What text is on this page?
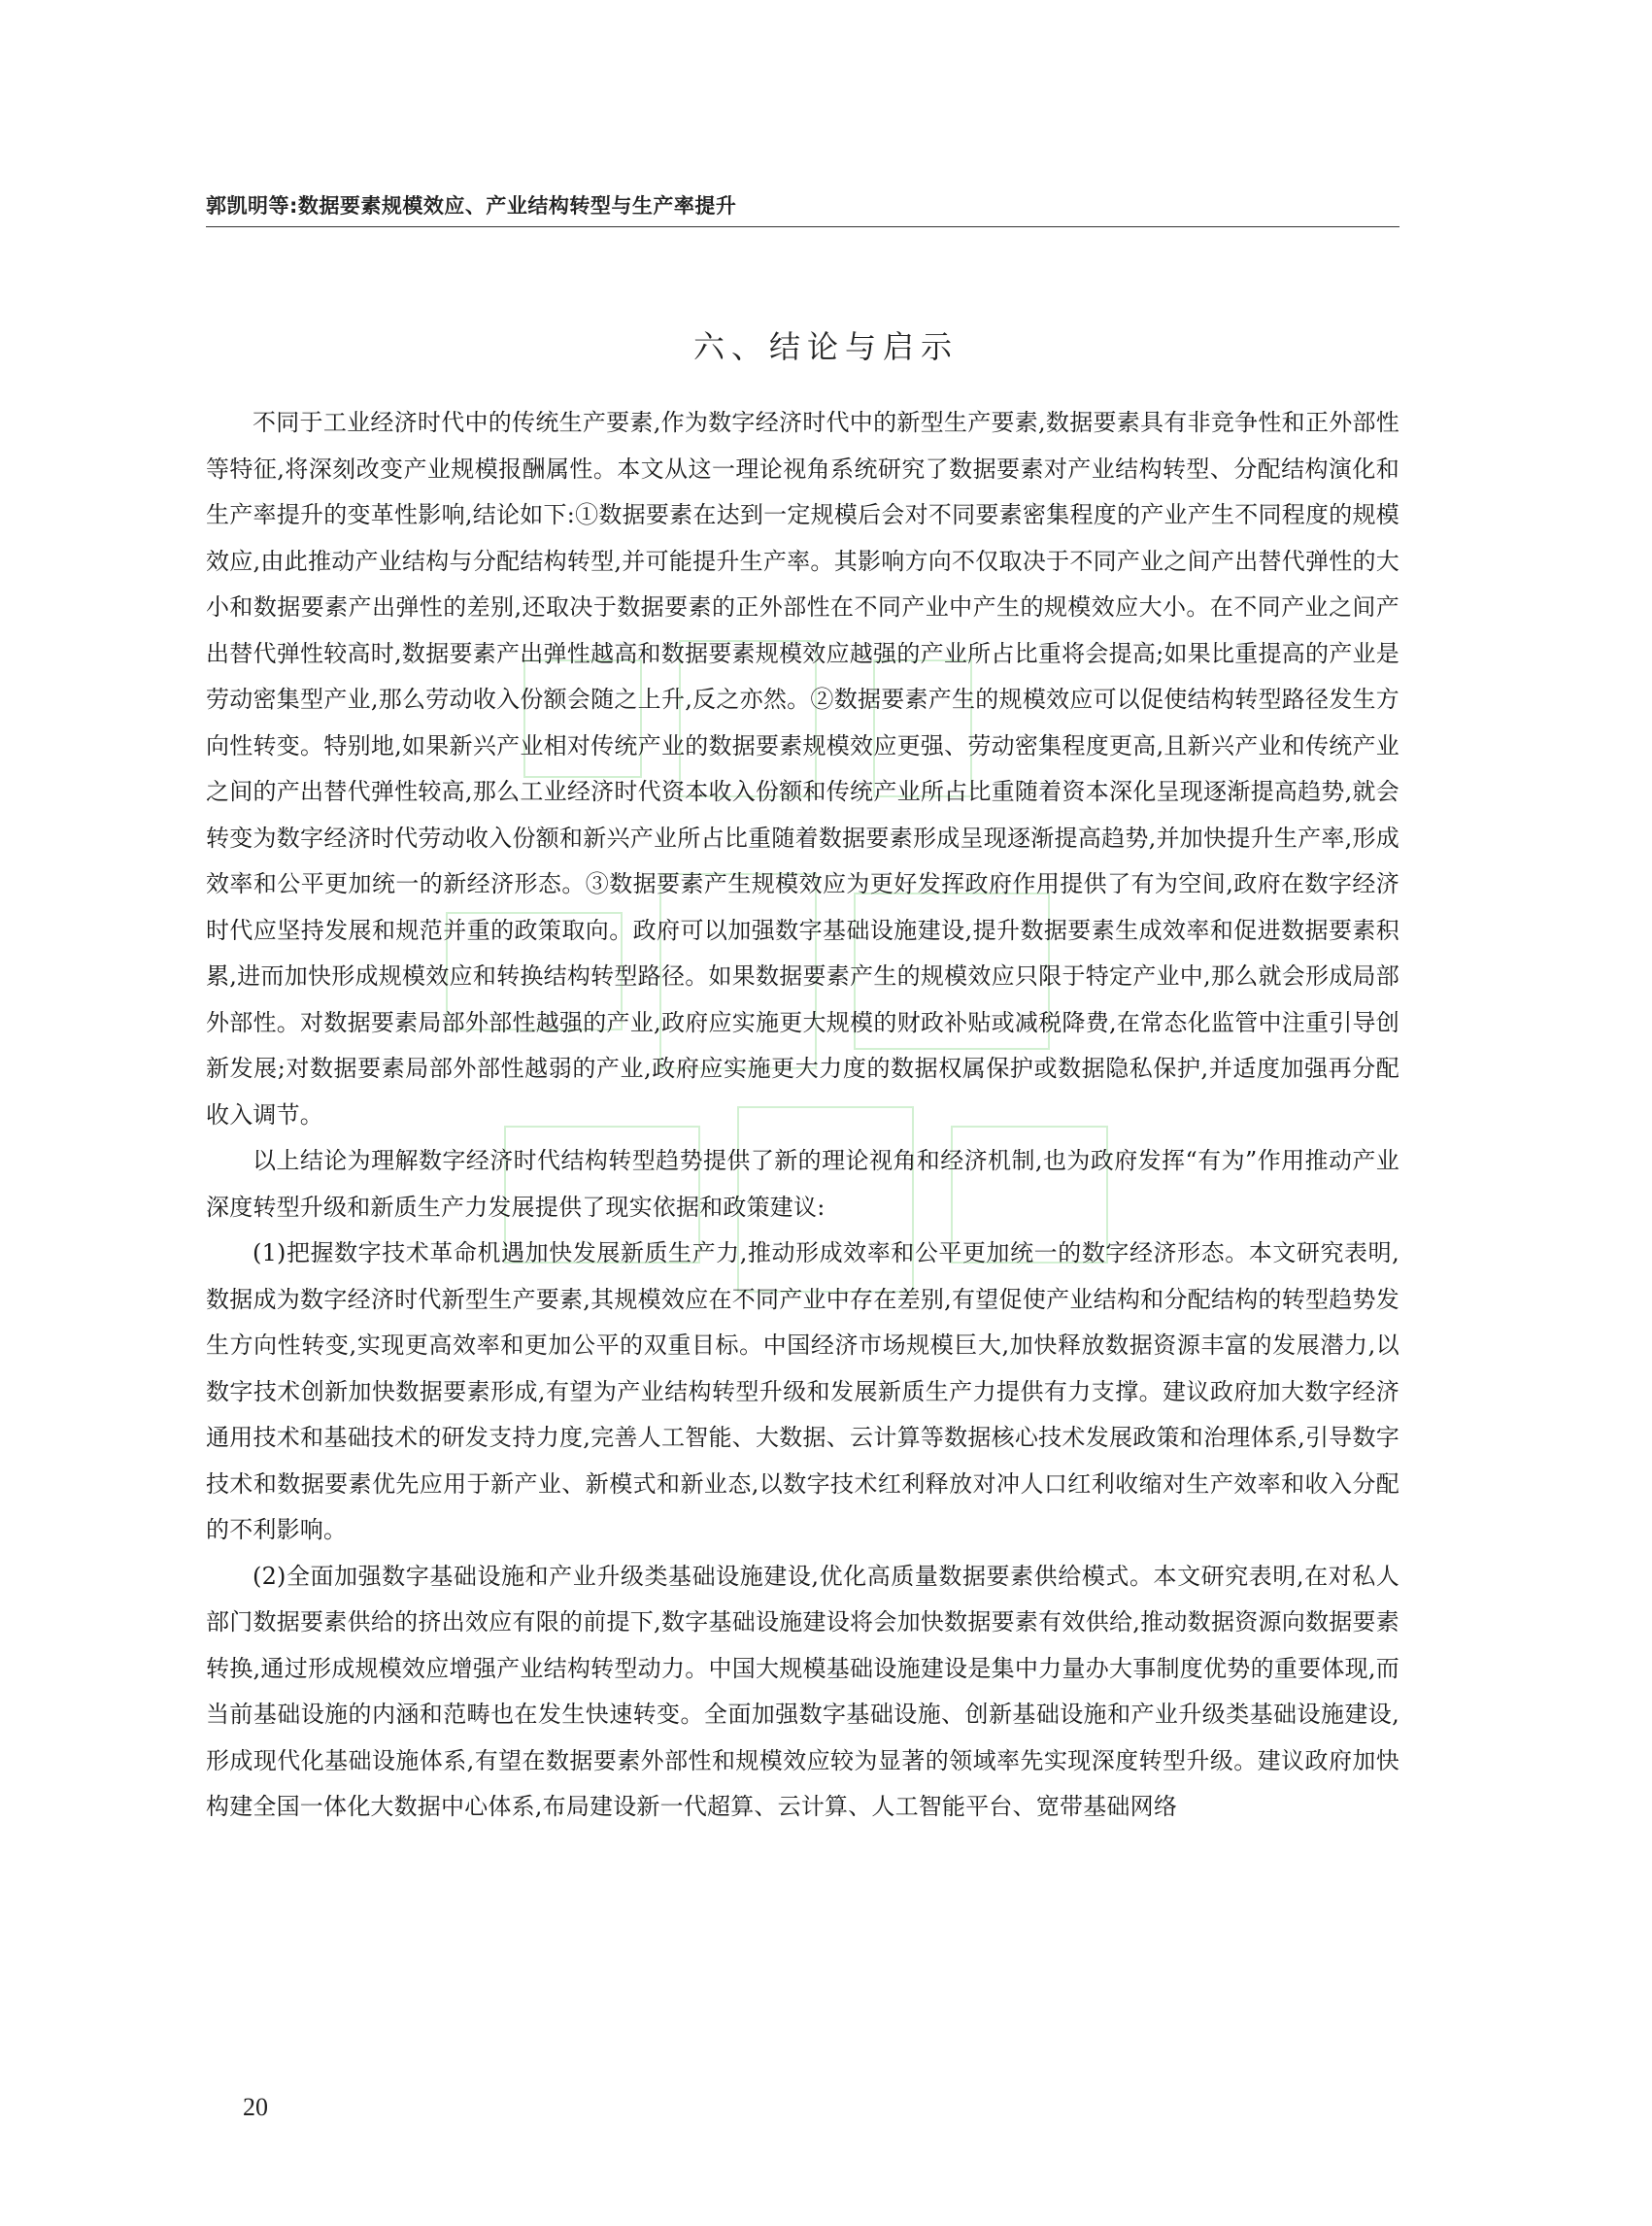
郭凯明等:数据要素规模效应、产业结构转型与生产率提升
六、结论与启示

不同于工业经济时代中的传统生产要素,作为数字经济时代中的新型生产要素,数据要素具有非竞争性和正外部性等特征,将深刻改变产业规模报酬属性。本文从这一理论视角系统研究了数据要素对产业结构转型、分配结构演化和生产率提升的变革性影响,结论如下:①数据要素在达到一定规模后会对不同要素密集程度的产业产生不同程度的规模效应,由此推动产业结构与分配结构转型,并可能提升生产率。其影响方向不仅取决于不同产业之间产出替代弹性的大小和数据要素产出弹性的差别,还取决于数据要素的正外部性在不同产业中产生的规模效应大小。在不同产业之间产出替代弹性较高时,数据要素产出弹性越高和数据要素规模效应越强的产业所占比重将会提高;如果比重提高的产业是劳动密集型产业,那么劳动收入份额会随之上升,反之亦然。②数据要素产生的规模效应可以促使结构转型路径发生方向性转变。特别地,如果新兴产业相对传统产业的数据要素规模效应更强、劳动密集程度更高,且新兴产业和传统产业之间的产出替代弹性较高,那么工业经济时代资本收入份额和传统产业所占比重随着资本深化呈现逐渐提高趋势,就会转变为数字经济时代劳动收入份额和新兴产业所占比重随着数据要素形成呈现逐渐提高趋势,并加快提升生产率,形成效率和公平更加统一的新经济形态。③数据要素产生规模效应为更好发挥政府作用提供了有为空间,政府在数字经济时代应坚持发展和规范并重的政策取向。政府可以加强数字基础设施建设,提升数据要素生成效率和促进数据要素积累,进而加快形成规模效应和转换结构转型路径。如果数据要素产生的规模效应只限于特定产业中,那么就会形成局部外部性。对数据要素局部外部性越强的产业,政府应实施更大规模的财政补贴或减税降费,在常态化监管中注重引导创新发展;对数据要素局部外部性越弱的产业,政府应实施更大力度的数据权属保护或数据隐私保护,并适度加强再分配收入调节。

以上结论为理解数字经济时代结构转型趋势提供了新的理论视角和经济机制,也为政府发挥“有为”作用推动产业深度转型升级和新质生产力发展提供了现实依据和政策建议:

(1)把握数字技术革命机遇加快发展新质生产力,推动形成效率和公平更加统一的数字经济形态。本文研究表明,数据成为数字经济时代新型生产要素,其规模效应在不同产业中存在差别,有望促使产业结构和分配结构的转型趋势发生方向性转变,实现更高效率和更加公平的双重目标。中国经济市场规模巨大,加快释放数据资源丰富的发展潜力,以数字技术创新加快数据要素形成,有望为产业结构转型升级和发展新质生产力提供有力支撑。建议政府加大数字经济通用技术和基础技术的研发支持力度,完善人工智能、大数据、云计算等数据核心技术发展政策和治理体系,引导数字技术和数据要素优先应用于新产业、新模式和新业态,以数字技术红利释放对冲人口红利收缩对生产效率和收入分配的不利影响。

(2)全面加强数字基础设施和产业升级类基础设施建设,优化高质量数据要素供给模式。本文研究表明,在对私人部门数据要素供给的挤出效应有限的前提下,数字基础设施建设将会加快数据要素有效供给,推动数据资源向数据要素转换,通过形成规模效应增强产业结构转型动力。中国大规模基础设施建设是集中力量办大事制度优势的重要体现,而当前基础设施的内涵和范畴也在发生快速转变。全面加强数字基础设施、创新基础设施和产业升级类基础设施建设,形成现代化基础设施体系,有望在数据要素外部性和规模效应较为显著的领域率先实现深度转型升级。建议政府加快构建全国一体化大数据中心体系,布局建设新一代超算、云计算、人工智能平台、宽带基础网络

20
